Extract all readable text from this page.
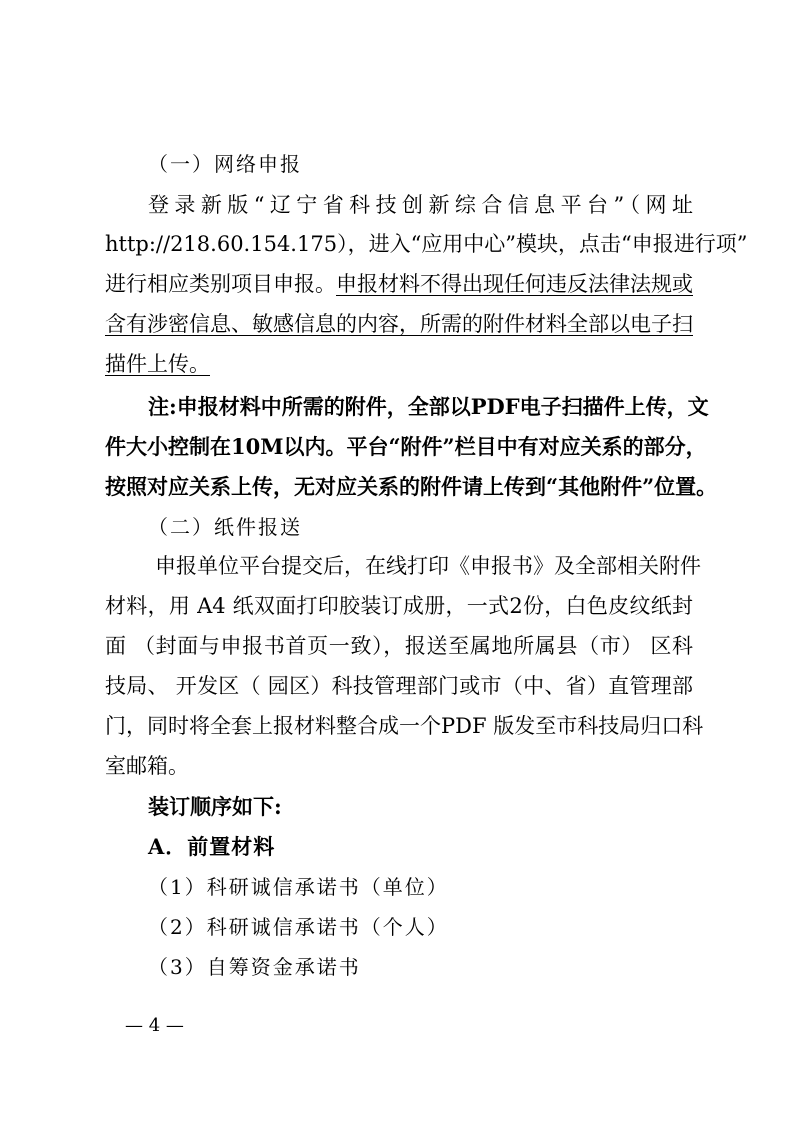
（一）网络申报
登录新版“辽宁省科技创新综合信息平台”（网址
http://218.60.154.175），进入“应用中心”模块，点击“申报进行项”
进行相应类别项目申报。申报材料不得出现任何违反法律法规或
含有涉密信息、敏感信息的内容，所需的附件材料全部以电子扫
描件上传。
注:申报材料中所需的附件，全部以PDF电子扫描件上传，文
件大小控制在10M以内。平台“附件”栏目中有对应关系的部分，
按照对应关系上传，无对应关系的附件请上传到“其他附件”位置。
（二）纸件报送
申报单位平台提交后，在线打印《申报书》及全部相关附件
材料，用 A4 纸双面打印胶装订成册，一式2份，白色皮纹纸封
面 （封面与申报书首页一致），报送至属地所属县（市） 区科
技局、 开发区（ 园区）科技管理部门或市（中、省）直管理部
门，同时将全套上报材料整合成一个PDF 版发至市科技局归口科
室邮箱。
装订顺序如下:
A．前置材料
（1）科研诚信承诺书（单位）
（2）科研诚信承诺书（个人）
（3）自筹资金承诺书
— 4 —
